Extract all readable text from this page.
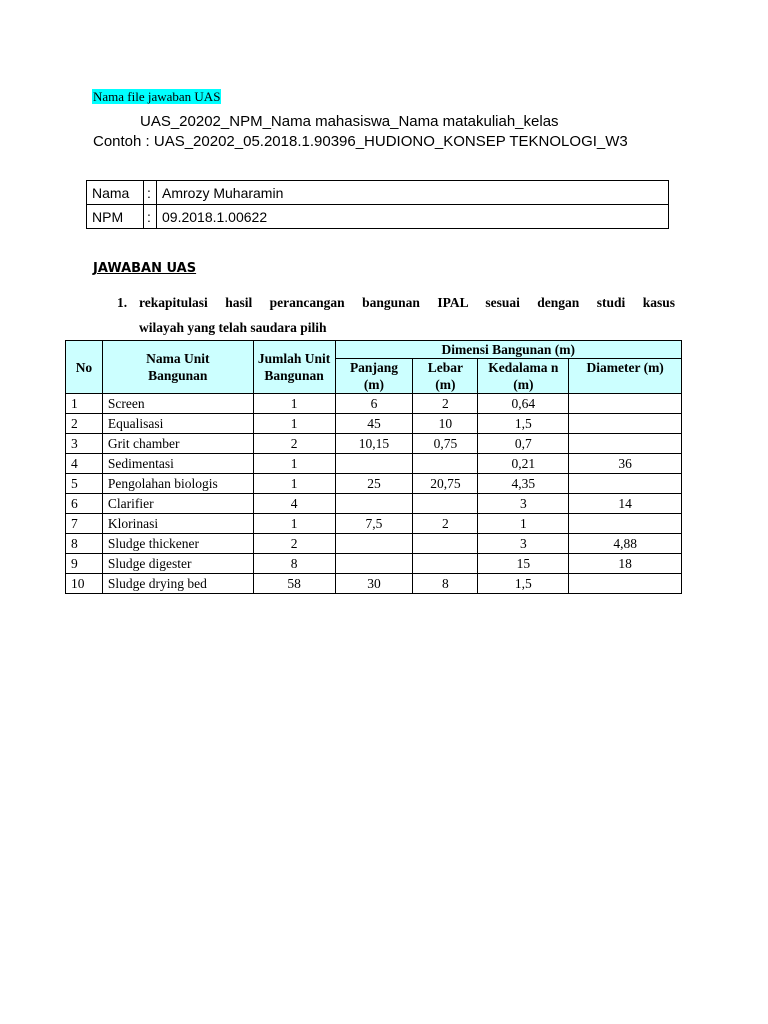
Nama file jawaban UAS
UAS_20202_NPM_Nama mahasiswa_Nama matakuliah_kelas
Contoh : UAS_20202_05.2018.1.90396_HUDIONO_KONSEP TEKNOLOGI_W3
Nama	:	Amrozy Muharamin
NPM	:	09.2018.1.00622
JAWABAN UAS
1. rekapitulasi hasil perancangan bangunan IPAL sesuai dengan studi kasus
wilayah yang telah saudara pilih
No	Nama Unit Bangunan	Jumlah Unit Bangunan	Dimensi Bangunan (m)			
			Panjang (m)	Lebar (m)	Kedalama n (m)	Diameter (m)
1	Screen	1	6	2	0,64	
2	Equalisasi	1	45	10	1,5	
3	Grit chamber	2	10,15	0,75	0,7	
4	Sedimentasi	1			0,21	36
5	Pengolahan biologis	1	25	20,75	4,35	
6	Clarifier	4			3	14
7	Klorinasi	1	7,5	2	1	
8	Sludge thickener	2			3	4,88
9	Sludge digester	8			15	18
10	Sludge drying bed	58	30	8	1,5	
